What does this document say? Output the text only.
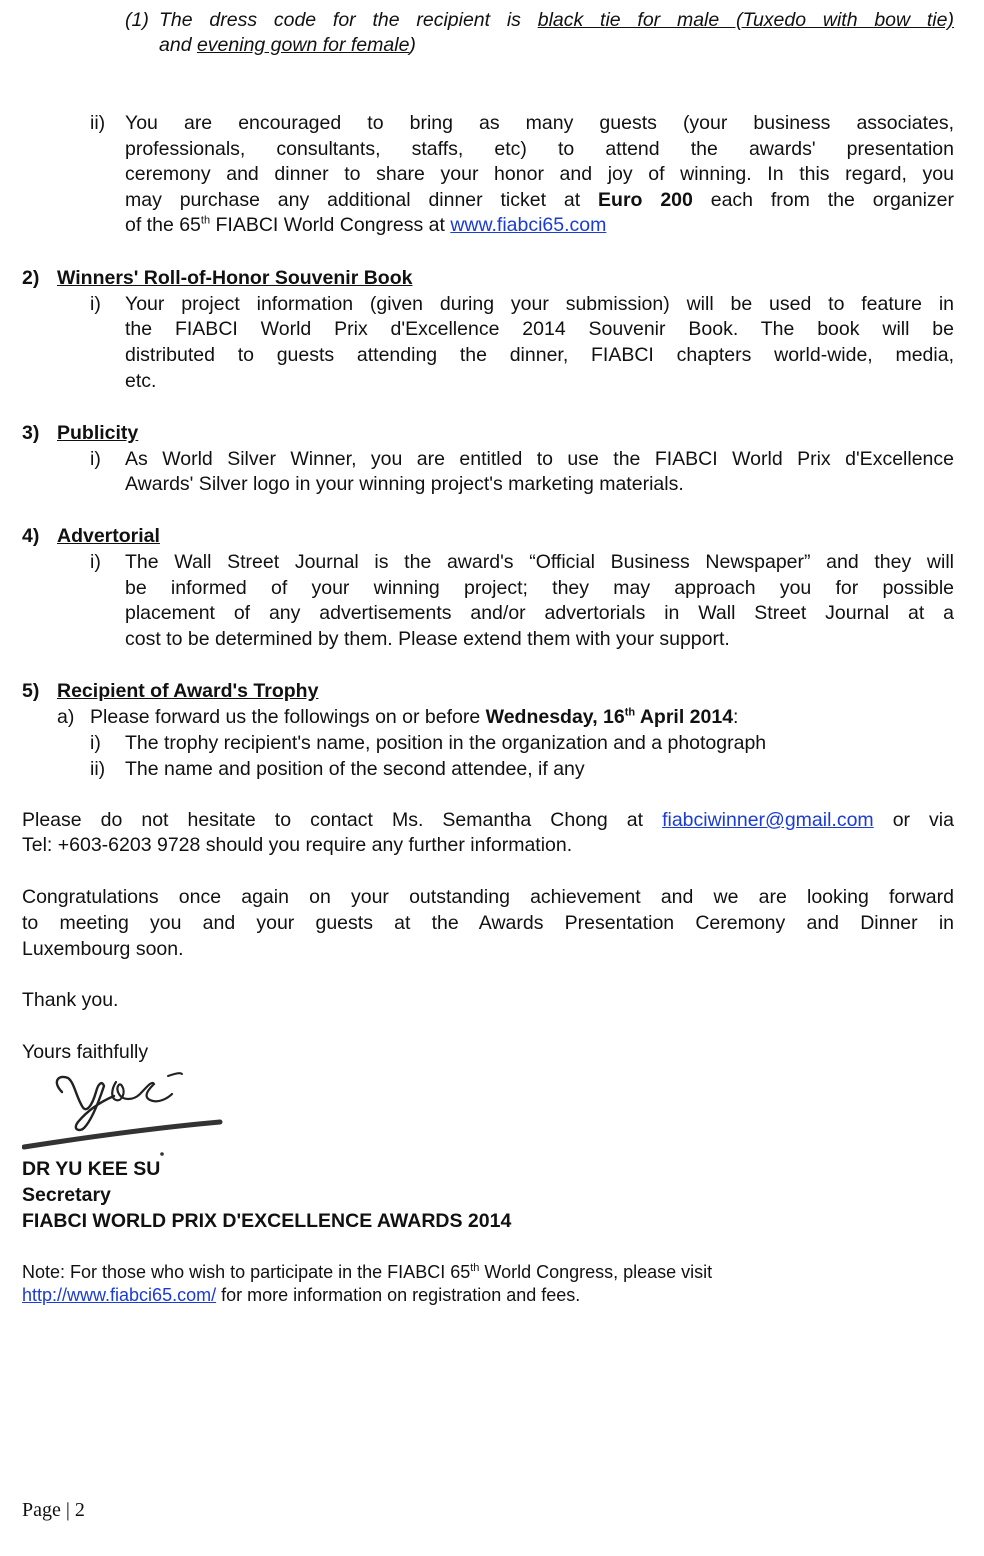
(1) The dress code for the recipient is black tie for male (Tuxedo with bow tie)
and evening gown for female)
ii) You are encouraged to bring as many guests (your business associates,
professionals, consultants, staffs, etc) to attend the awards' presentation
ceremony and dinner to share your honor and joy of winning. In this regard, you
may purchase any additional dinner ticket at Euro 200 each from the organizer
of the 65th FIABCI World Congress at www.fiabci65.com
2) Winners' Roll-of-Honor Souvenir Book
i) Your project information (given during your submission) will be used to feature in
the FIABCI World Prix d'Excellence 2014 Souvenir Book. The book will be
distributed to guests attending the dinner, FIABCI chapters world-wide, media,
etc.
3) Publicity
i) As World Silver Winner, you are entitled to use the FIABCI World Prix d'Excellence
Awards' Silver logo in your winning project's marketing materials.
4) Advertorial
i) The Wall Street Journal is the award's “Official Business Newspaper” and they will
be informed of your winning project; they may approach you for possible
placement of any advertisements and/or advertorials in Wall Street Journal at a
cost to be determined by them. Please extend them with your support.
5) Recipient of Award's Trophy
a) Please forward us the followings on or before Wednesday, 16th April 2014:
i) The trophy recipient's name, position in the organization and a photograph
ii) The name and position of the second attendee, if any
Please do not hesitate to contact Ms. Semantha Chong at fiabciwinner@gmail.com or via
Tel: +603-6203 9728 should you require any further information.
Congratulations once again on your outstanding achievement and we are looking forward
to meeting you and your guests at the Awards Presentation Ceremony and Dinner in
Luxembourg soon.
Thank you.
Yours faithfully
DR YU KEE SU
Secretary
FIABCI WORLD PRIX D'EXCELLENCE AWARDS 2014
Note: For those who wish to participate in the FIABCI 65th World Congress, please visit
http://www.fiabci65.com/ for more information on registration and fees.
Page | 2
